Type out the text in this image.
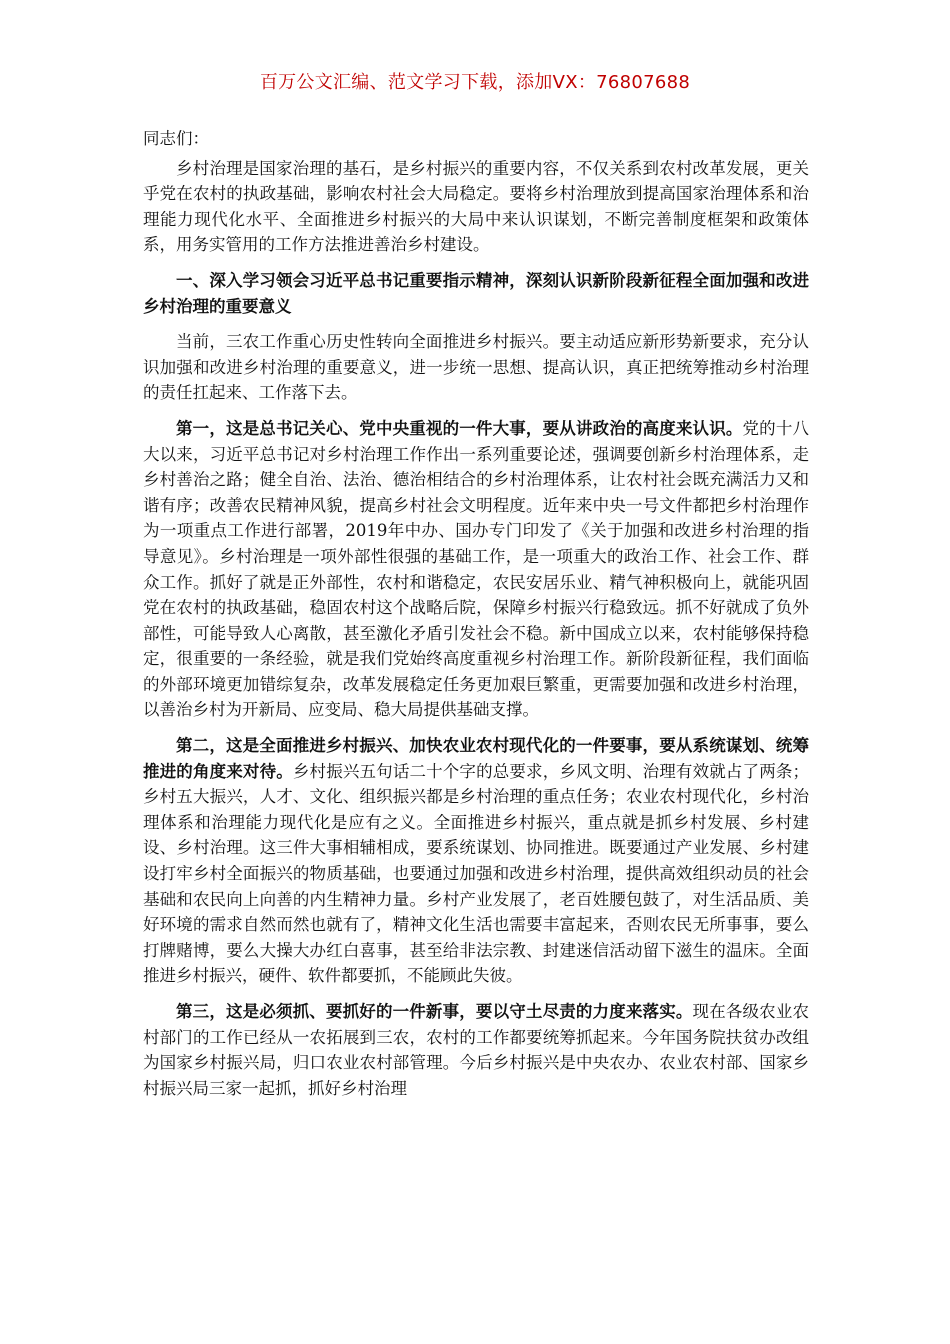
百万公文汇编、范文学习下载，添加VX：76807688

同志们：

乡村治理是国家治理的基石，是乡村振兴的重要内容，不仅关系到农村改革发展，更关乎党在农村的执政基础，影响农村社会大局稳定。要将乡村治理放到提高国家治理体系和治理能力现代化水平、全面推进乡村振兴的大局中来认识谋划，不断完善制度框架和政策体系，用务实管用的工作方法推进善治乡村建设。

一、深入学习领会习近平总书记重要指示精神，深刻认识新阶段新征程全面加强和改进乡村治理的重要意义

当前，三农工作重心历史性转向全面推进乡村振兴。要主动适应新形势新要求，充分认识加强和改进乡村治理的重要意义，进一步统一思想、提高认识，真正把统筹推动乡村治理的责任扛起来、工作落下去。

第一，这是总书记关心、党中央重视的一件大事，要从讲政治的高度来认识。党的十八大以来，习近平总书记对乡村治理工作作出一系列重要论述，强调要创新乡村治理体系，走乡村善治之路；健全自治、法治、德治相结合的乡村治理体系，让农村社会既充满活力又和谐有序；改善农民精神风貌，提高乡村社会文明程度。近年来中央一号文件都把乡村治理作为一项重点工作进行部署，2019年中办、国办专门印发了《关于加强和改进乡村治理的指导意见》。乡村治理是一项外部性很强的基础工作，是一项重大的政治工作、社会工作、群众工作。抓好了就是正外部性，农村和谐稳定，农民安居乐业、精气神积极向上，就能巩固党在农村的执政基础，稳固农村这个战略后院，保障乡村振兴行稳致远。抓不好就成了负外部性，可能导致人心离散，甚至激化矛盾引发社会不稳。新中国成立以来，农村能够保持稳定，很重要的一条经验，就是我们党始终高度重视乡村治理工作。新阶段新征程，我们面临的外部环境更加错综复杂，改革发展稳定任务更加艰巨繁重，更需要加强和改进乡村治理，以善治乡村为开新局、应变局、稳大局提供基础支撑。

第二，这是全面推进乡村振兴、加快农业农村现代化的一件要事，要从系统谋划、统筹推进的角度来对待。乡村振兴五句话二十个字的总要求，乡风文明、治理有效就占了两条；乡村五大振兴，人才、文化、组织振兴都是乡村治理的重点任务；农业农村现代化，乡村治理体系和治理能力现代化是应有之义。全面推进乡村振兴，重点就是抓乡村发展、乡村建设、乡村治理。这三件大事相辅相成，要系统谋划、协同推进。既要通过产业发展、乡村建设打牢乡村全面振兴的物质基础，也要通过加强和改进乡村治理，提供高效组织动员的社会基础和农民向上向善的内生精神力量。乡村产业发展了，老百姓腰包鼓了，对生活品质、美好环境的需求自然而然也就有了，精神文化生活也需要丰富起来，否则农民无所事事，要么打牌赌博，要么大操大办红白喜事，甚至给非法宗教、封建迷信活动留下滋生的温床。全面推进乡村振兴，硬件、软件都要抓，不能顾此失彼。

第三，这是必须抓、要抓好的一件新事，要以守土尽责的力度来落实。现在各级农业农村部门的工作已经从一农拓展到三农，农村的工作都要统筹抓起来。今年国务院扶贫办改组为国家乡村振兴局，归口农业农村部管理。今后乡村振兴是中央农办、农业农村部、国家乡村振兴局三家一起抓，抓好乡村治理
